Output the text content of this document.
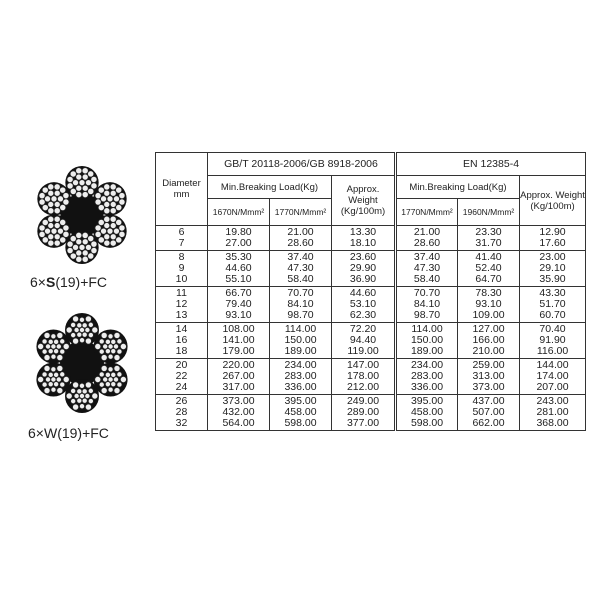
6×S(19)+FC
6×W(19)+FC
Diameter mm	GB/T 20118-2006/GB 8918-2006			EN 12385-4		
	Min.Breaking Load(Kg)		Approx. Weight (Kg/100m)	Min.Breaking Load(Kg)		Approx. Weight (Kg/100m)
	1670N/Mmm²	1770N/Mmm²		1770N/Mmm²	1960N/Mmm²	
6	19.80	21.00	13.30	21.00	23.30	12.90
7	27.00	28.60	18.10	28.60	31.70	17.60
8	35.30	37.40	23.60	37.40	41.40	23.00
9	44.60	47.30	29.90	47.30	52.40	29.10
10	55.10	58.40	36.90	58.40	64.70	35.90
11	66.70	70.70	44.60	70.70	78.30	43.30
12	79.40	84.10	53.10	84.10	93.10	51.70
13	93.10	98.70	62.30	98.70	109.00	60.70
14	108.00	114.00	72.20	114.00	127.00	70.40
16	141.00	150.00	94.40	150.00	166.00	91.90
18	179.00	189.00	119.00	189.00	210.00	116.00
20	220.00	234.00	147.00	234.00	259.00	144.00
22	267.00	283.00	178.00	283.00	313.00	174.00
24	317.00	336.00	212.00	336.00	373.00	207.00
26	373.00	395.00	249.00	395.00	437.00	243.00
28	432.00	458.00	289.00	458.00	507.00	281.00
32	564.00	598.00	377.00	598.00	662.00	368.00
